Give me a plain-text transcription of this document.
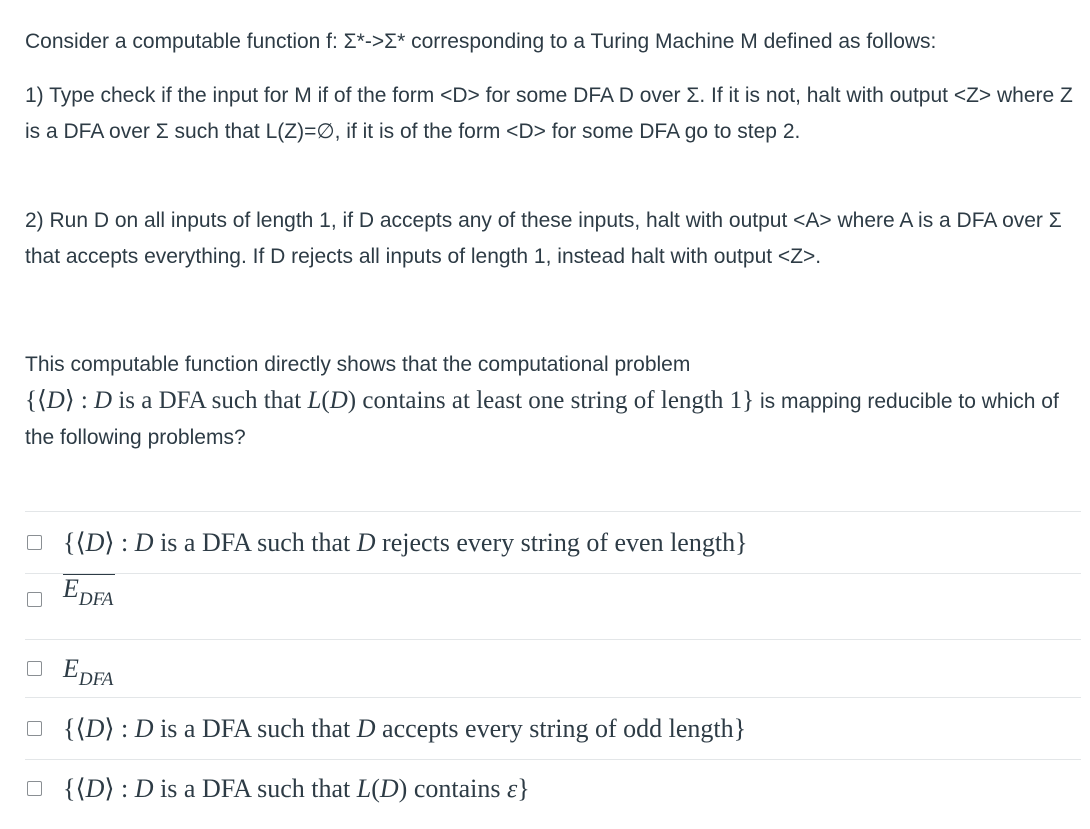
Consider a computable function f: Σ*->Σ* corresponding to a Turing Machine M defined as follows:

1) Type check if the input for M if of the form <D> for some DFA D over Σ. If it is not, halt with output <Z> where Z is a DFA over Σ such that L(Z)=∅, if it is of the form <D> for some DFA go to step 2.

2) Run D on all inputs of length 1, if D accepts any of these inputs, halt with output <A> where A is a DFA over Σ that accepts everything. If D rejects all inputs of length 1, instead halt with output <Z>.

This computable function directly shows that the computational problem
{⟨D⟩ : D is a DFA such that L(D) contains at least one string of length 1} is mapping reducible to which of the following problems?

{⟨D⟩ : D is a DFA such that D rejects every string of even length}
$E_{DFA}$
$E_{DFA}$
{⟨D⟩ : D is a DFA such that D accepts every string of odd length}
{⟨D⟩ : D is a DFA such that L(D) contains ε}
